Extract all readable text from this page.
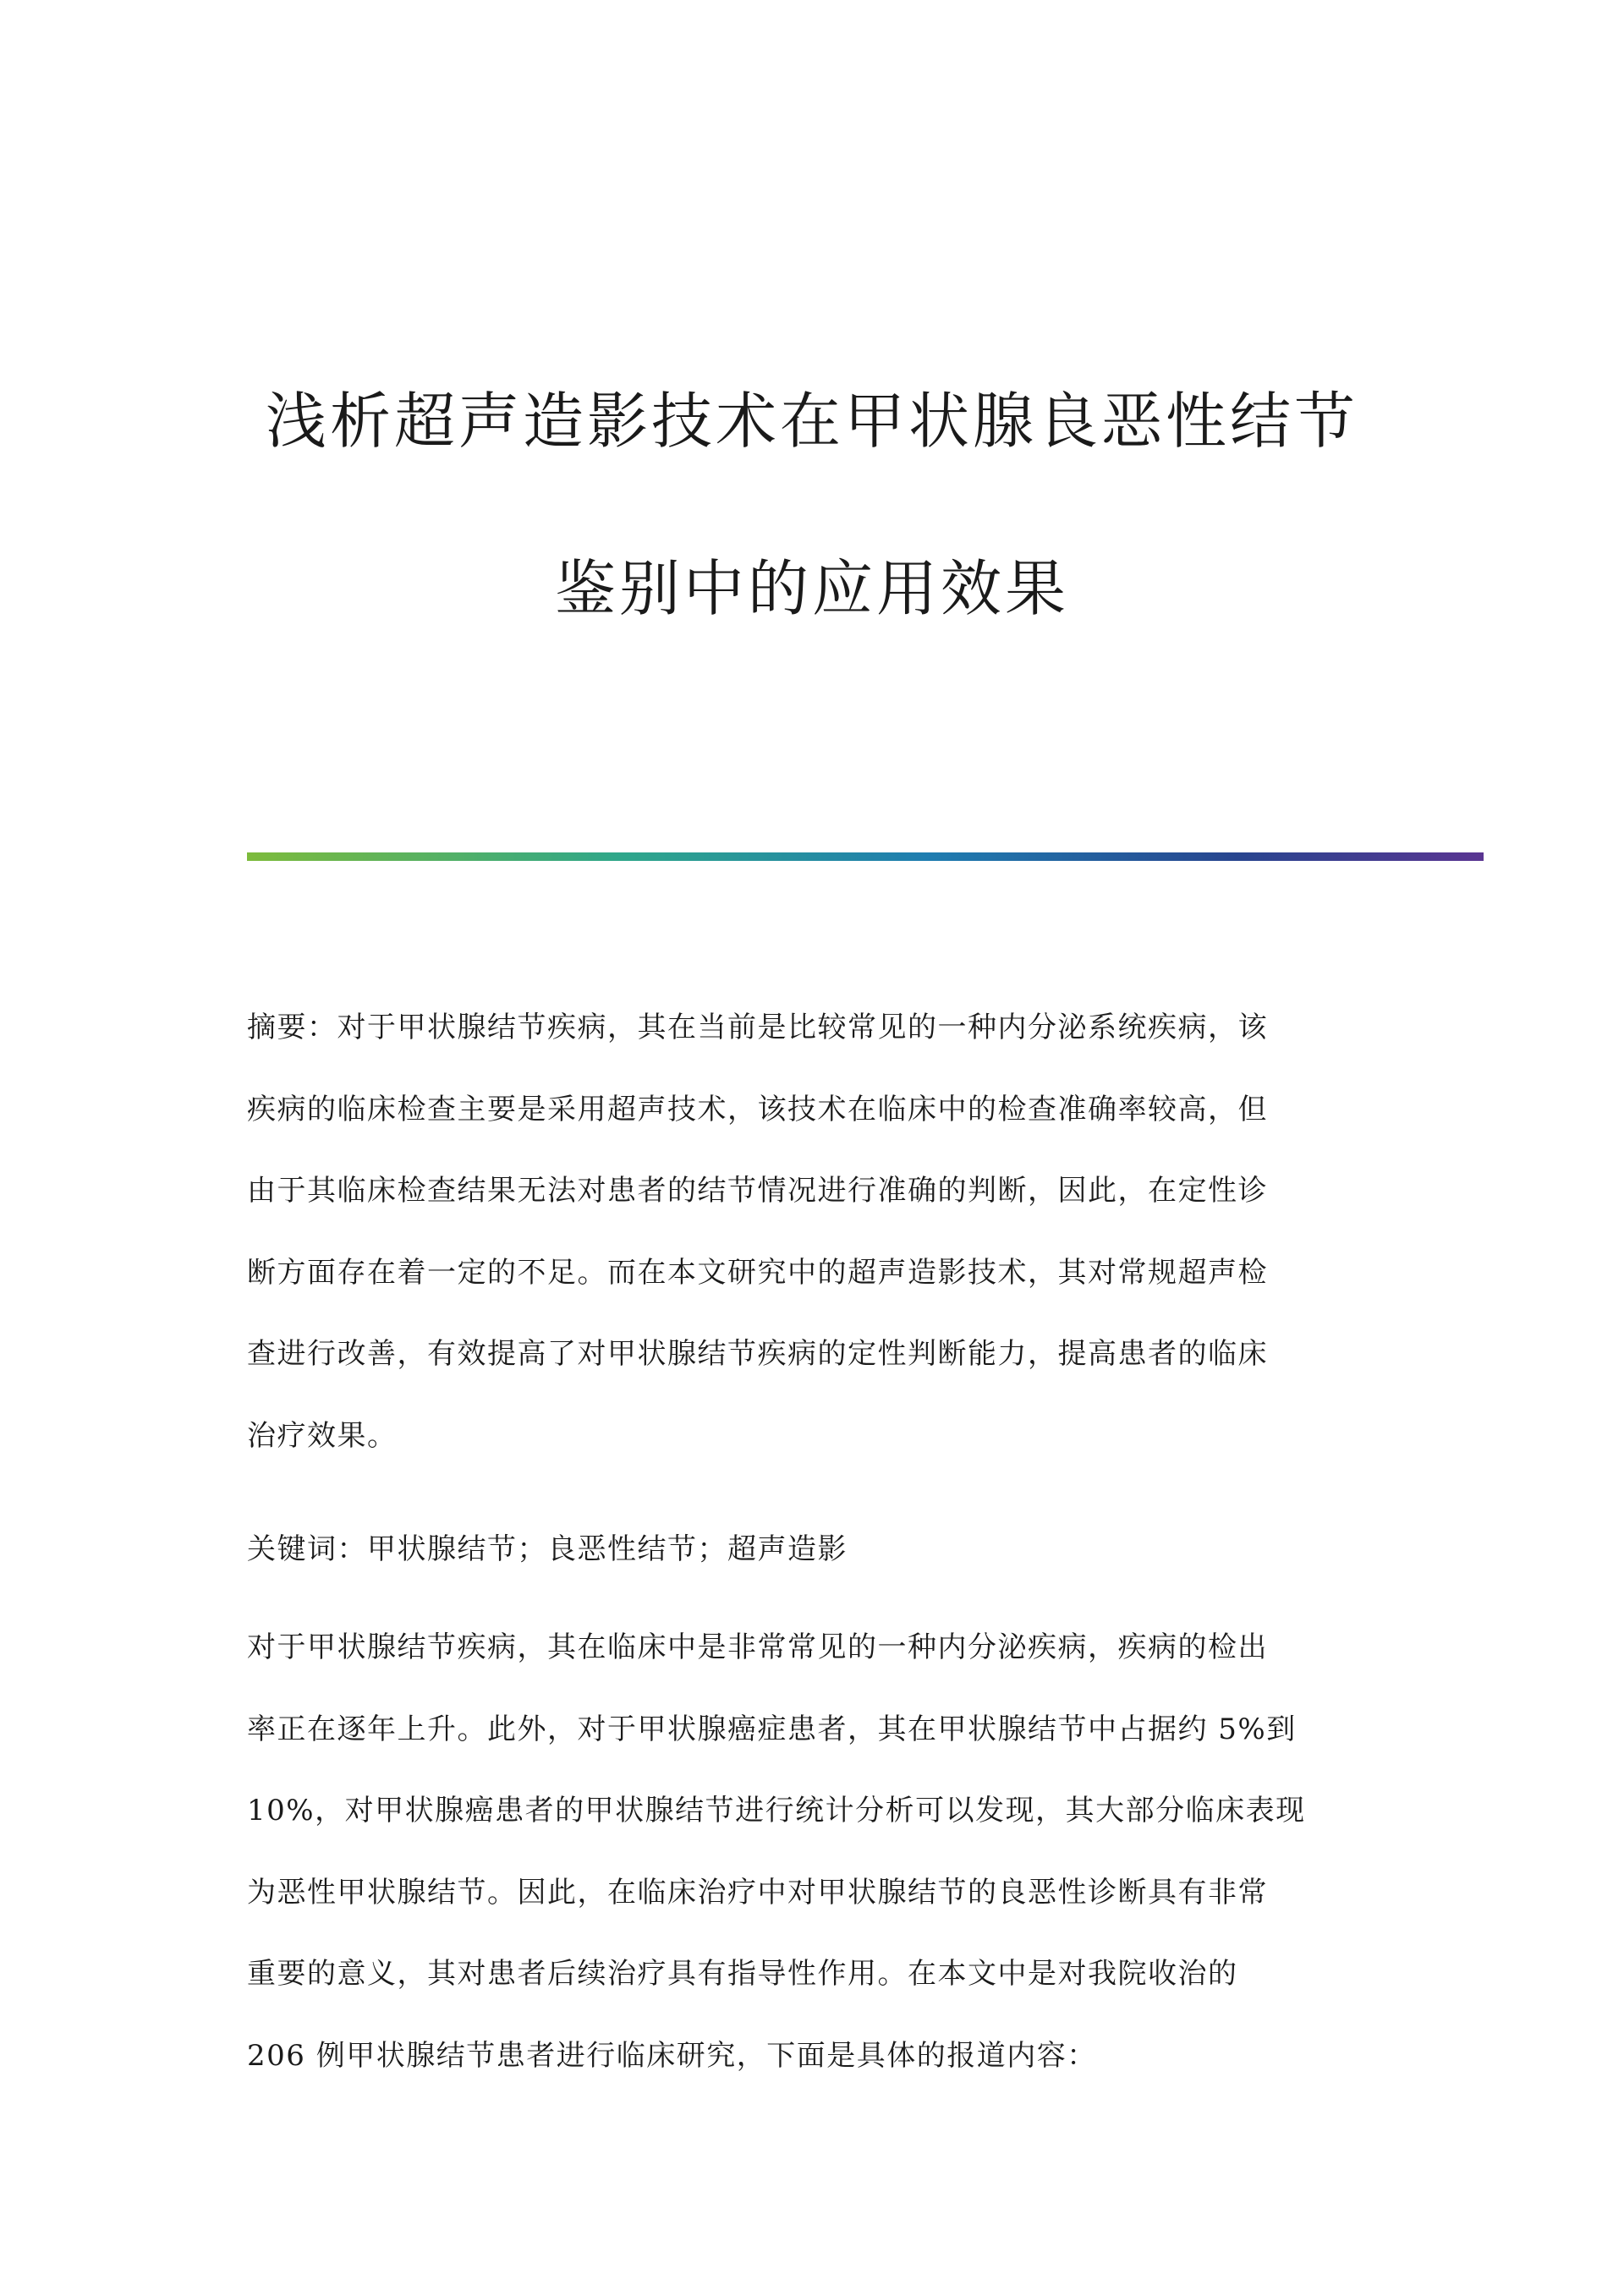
浅析超声造影技术在甲状腺良恶性结节
鉴别中的应用效果

摘要：对于甲状腺结节疾病，其在当前是比较常见的一种内分泌系统疾病，该
疾病的临床检查主要是采用超声技术，该技术在临床中的检查准确率较高，但
由于其临床检查结果无法对患者的结节情况进行准确的判断，因此，在定性诊
断方面存在着一定的不足。而在本文研究中的超声造影技术，其对常规超声检
查进行改善，有效提高了对甲状腺结节疾病的定性判断能力，提高患者的临床
治疗效果。

关键词：甲状腺结节；良恶性结节；超声造影

对于甲状腺结节疾病，其在临床中是非常常见的一种内分泌疾病，疾病的检出
率正在逐年上升。此外，对于甲状腺癌症患者，其在甲状腺结节中占据约 5%到
10%，对甲状腺癌患者的甲状腺结节进行统计分析可以发现，其大部分临床表现
为恶性甲状腺结节。因此，在临床治疗中对甲状腺结节的良恶性诊断具有非常
重要的意义，其对患者后续治疗具有指导性作用。在本文中是对我院收治的
206 例甲状腺结节患者进行临床研究，下面是具体的报道内容：
